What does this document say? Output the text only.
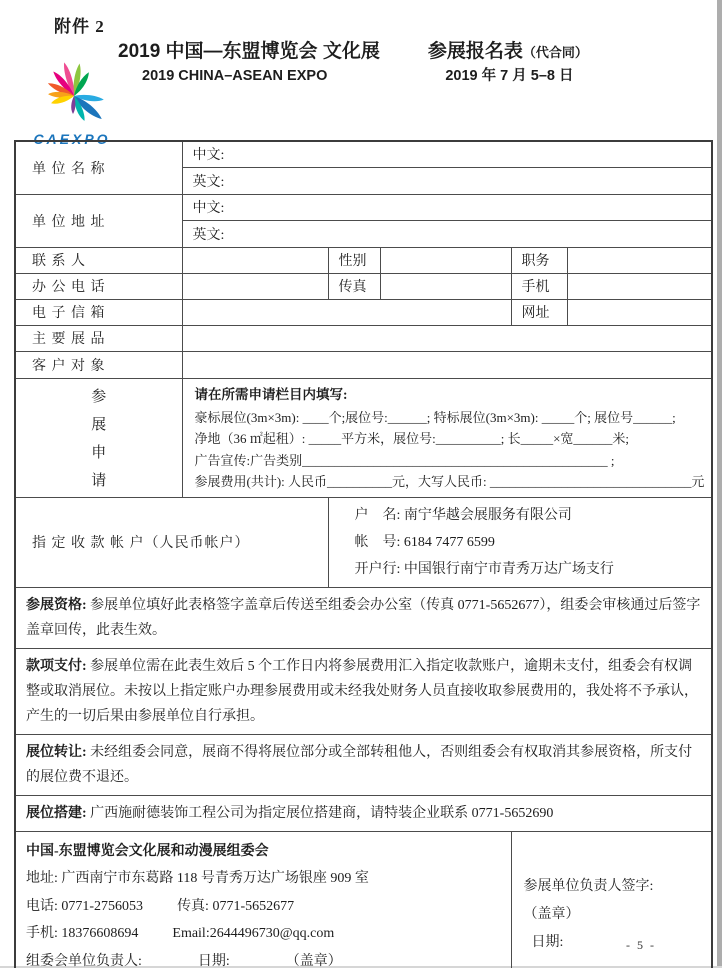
附件 2
CAEXPO
2019 中国—东盟博览会 文化展	参展报名表（代合同）
2019 CHINA–ASEAN EXPO	2019 年 7 月 5–8 日
单 位 名 称	中文:				
	英文:				
单 位 地 址	中文:				
	英文:				
联 系 人		性别		职务	
办 公 电 话		传真		手机	
电 子 信 箱				网址	
主 要 展 品					
客 户 对 象					

参
展
申
请

请在所需申请栏目内填写:
豪标展位(3m×3m): ____个;展位号:______; 特标展位(3m×3m): _____个; 展位号______;
净地（36 ㎡起租）: _____平方米，展位号:__________; 长_____×宽______米;
广告宣传:广告类别_______________________________________________ ;
参展费用(共计): 人民币__________元，大写人民币: _______________________________元

指 定 收 款 帐 户（人民币帐户）		户　名: 南宁华越会展服务有限公司
帐　号: 6184 7477 6599
开户行: 中国银行南宁市青秀万达广场支行			

参展资格: 参展单位填好此表格签字盖章后传送至组委会办公室（传真 0771-5652677），组委会审核通过后签字盖章回传，此表生效。					
款项支付: 参展单位需在此表生效后 5 个工作日内将参展费用汇入指定收款账户，逾期未支付，组委会有权调整或取消展位。未按以上指定账户办理参展费用或未经我处财务人员直接收取参展费用的，我处将不予承认，产生的一切后果由参展单位自行承担。					
展位转让: 未经组委会同意，展商不得将展位部分或全部转租他人，否则组委会有权取消其参展资格，所支付的展位费不退还。					
展位搭建: 广西施耐德装饰工程公司为指定展位搭建商，请特装企业联系 0771-5652690					

中国-东盟博览会文化展和动漫展组委会
地址: 广西南宁市东葛路 118 号青秀万达广场银座 909 室
电话: 0771-2756053 传真: 0771-5652677
手机: 18376608694 Email:2644496730@qq.com
组委会单位负责人:	日期:	（盖章）

参展单位负责人签字:
（盖章）
日期:	- 5 -
